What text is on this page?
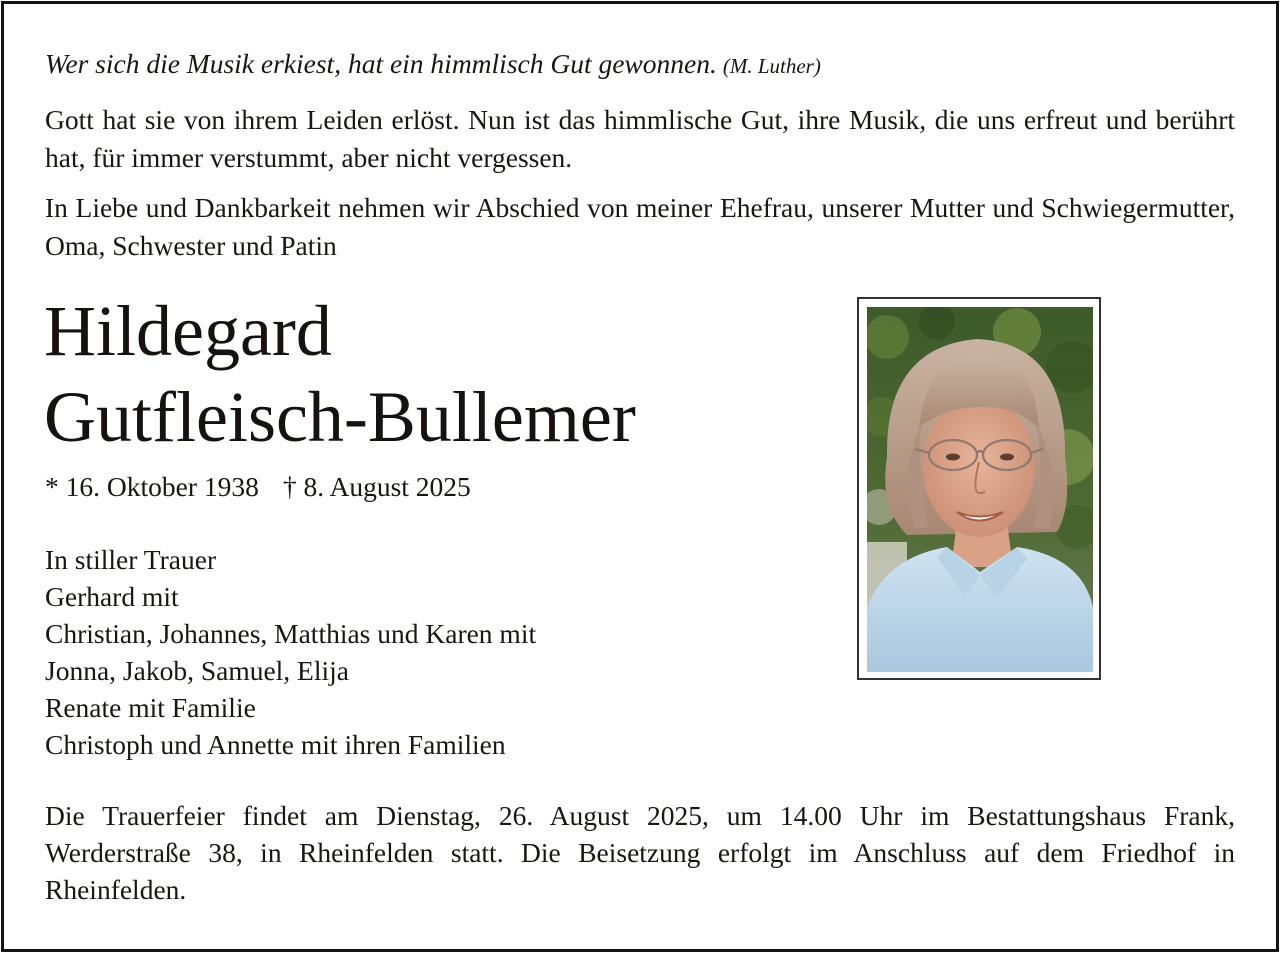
Wer sich die Musik erkiest, hat ein himmlisch Gut gewonnen. (M. Luther)
Gott hat sie von ihrem Leiden erlöst. Nun ist das himmlische Gut, ihre Musik, die uns erfreut und berührt hat, für immer verstummt, aber nicht vergessen.
In Liebe und Dankbarkeit nehmen wir Abschied von meiner Ehefrau, unserer Mutter und Schwiegermutter, Oma, Schwester und Patin
Hildegard
Gutfleisch-Bullemer
* 16. Oktober 1938 † 8. August 2025
In stiller Trauer
Gerhard mit
Christian, Johannes, Matthias und Karen mit
Jonna, Jakob, Samuel, Elija
Renate mit Familie
Christoph und Annette mit ihren Familien
Die Trauerfeier findet am Dienstag, 26. August 2025, um 14.00 Uhr im Bestattungshaus Frank, Werderstraße 38, in Rheinfelden statt. Die Beisetzung erfolgt im Anschluss auf dem Friedhof in Rheinfelden.
